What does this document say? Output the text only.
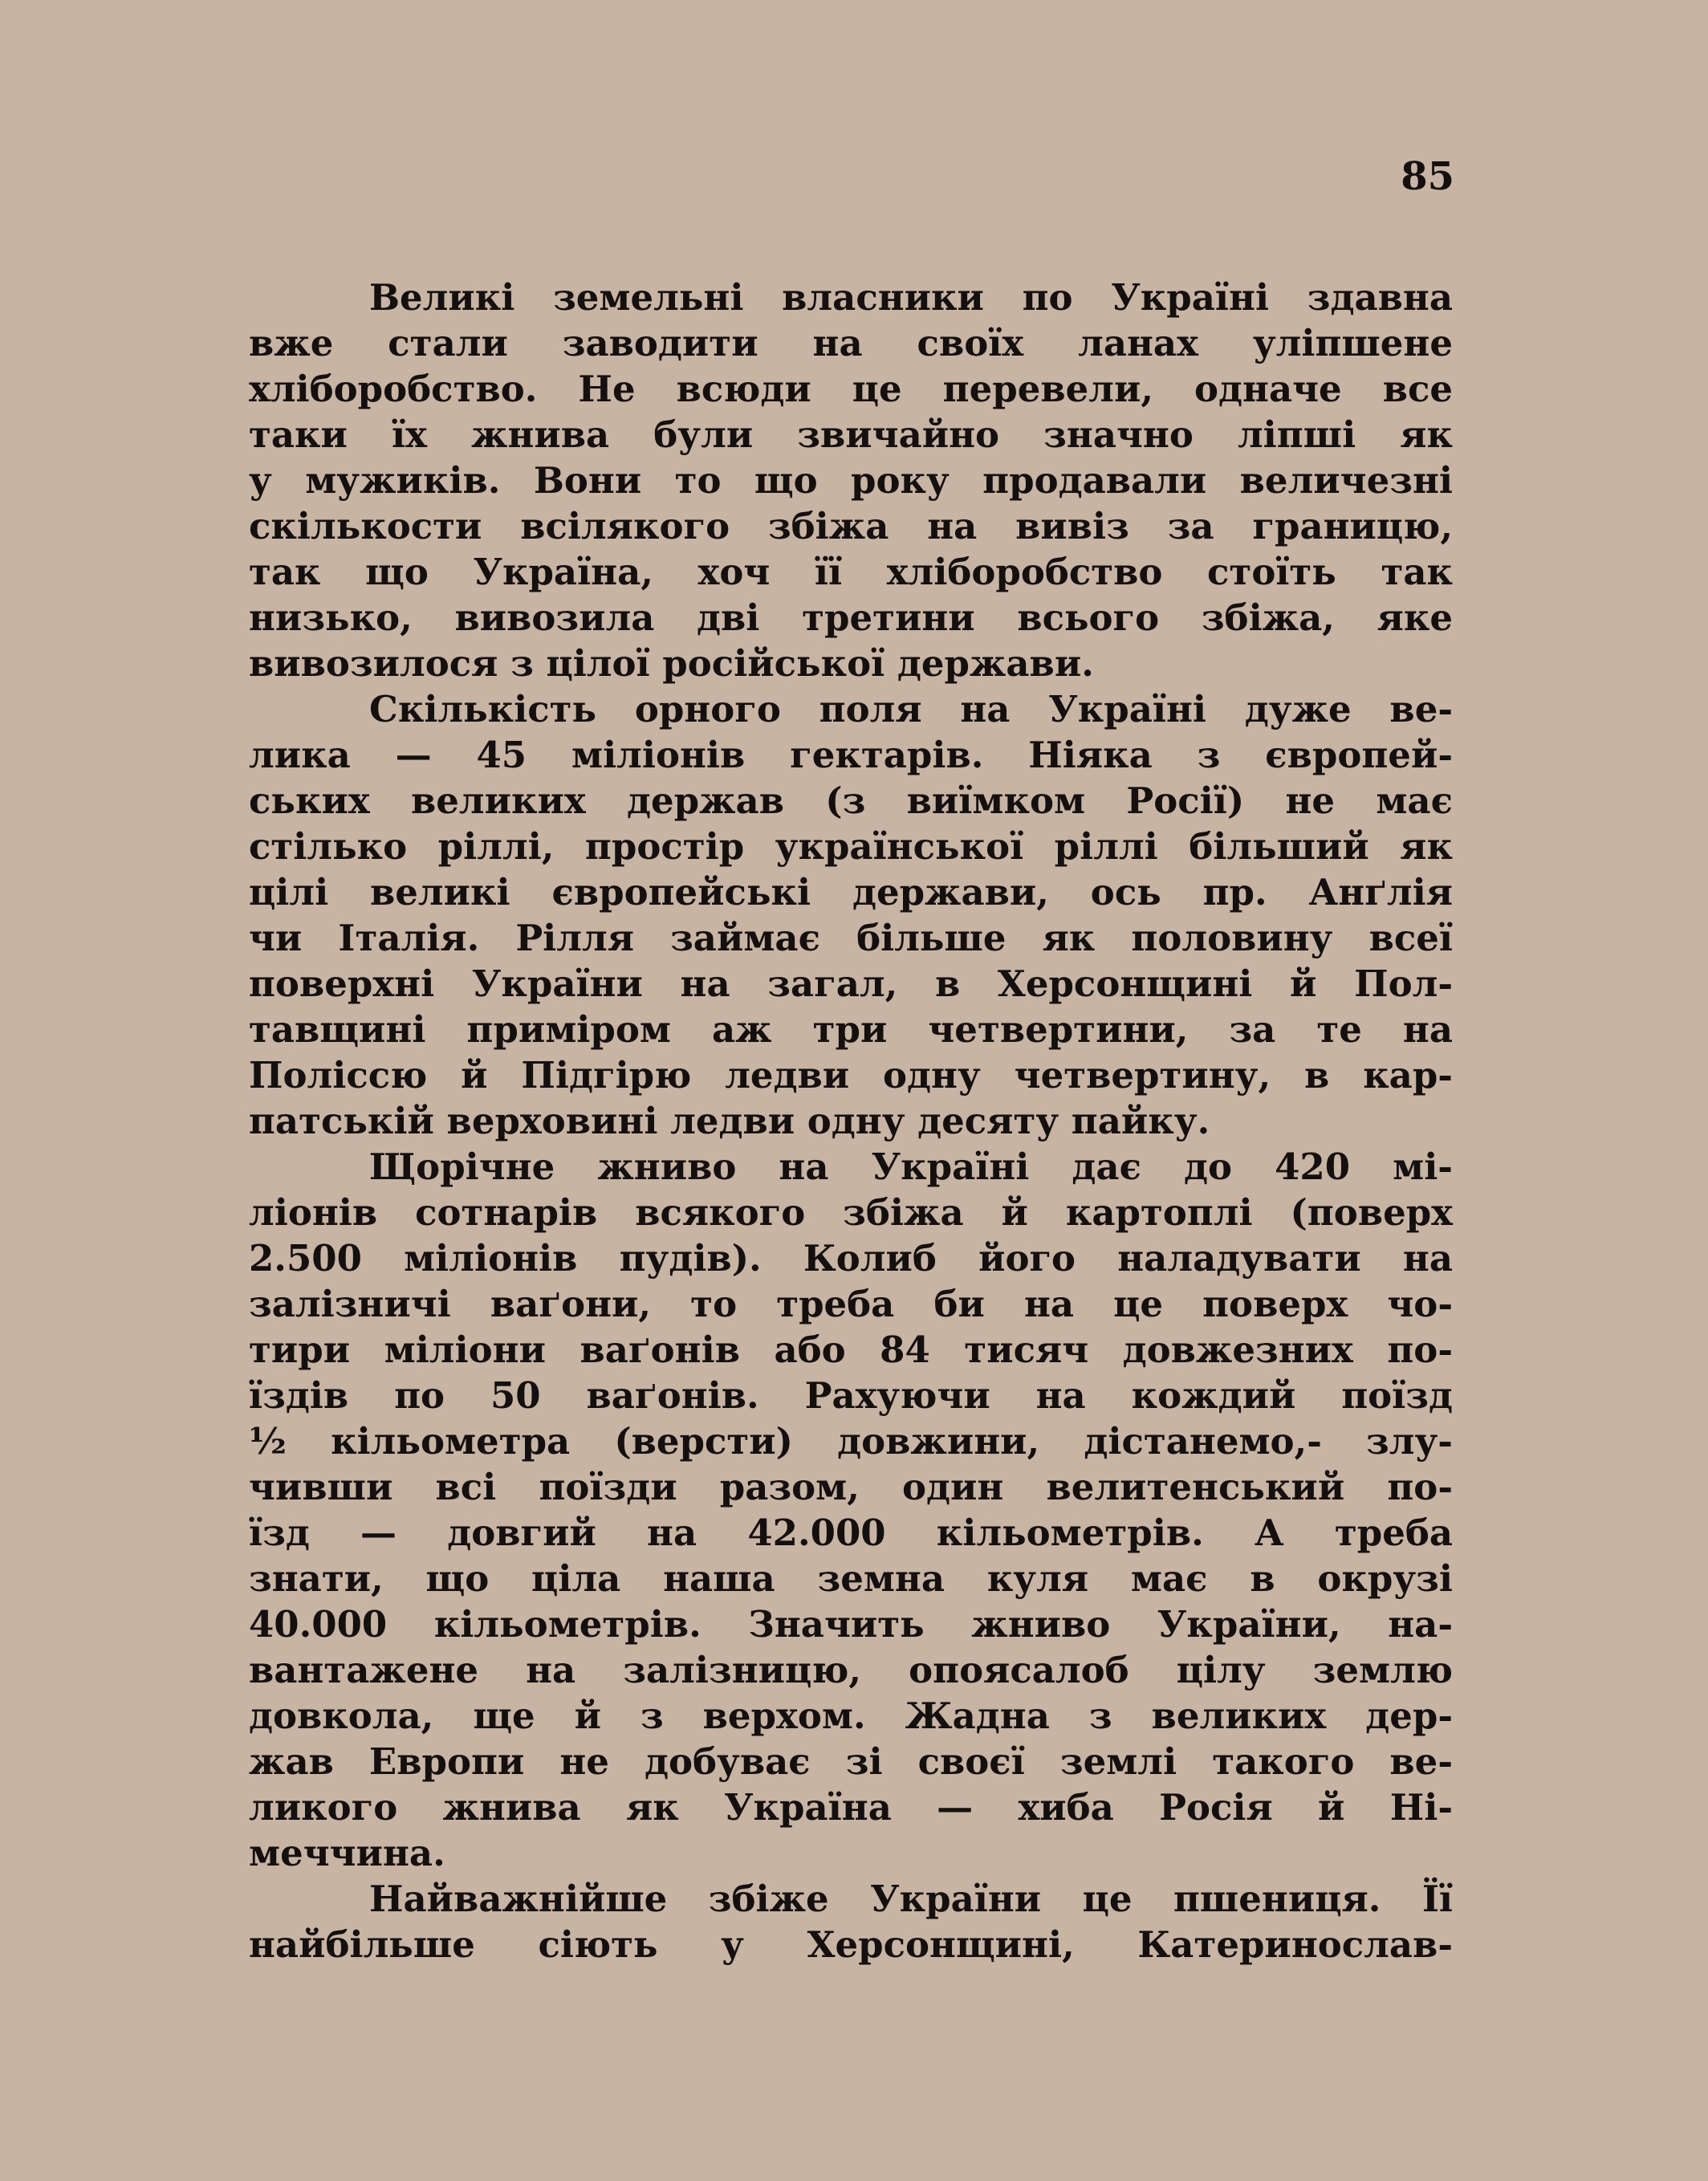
85

Великі земельні власники по Україні здавна
вже стали заводити на своїх ланах уліпшене
хліборобство. Не всюди це перевели, одначе все
таки їх жнива були звичайно значно ліпші як
у мужиків. Вони то що року продавали величезні
скількости всілякого збіжа на вивіз за границю,
так що Україна, хоч її хліборобство стоїть так
низько, вивозила дві третини всього збіжа, яке
вивозилося з цілої російської держави.

Скількість орного поля на Україні дуже ве-
лика — 45 міліонів гектарів. Ніяка з європей-
ських великих держав (з виїмком Росії) не має
стілько ріллі, простір української ріллі більший як
цілі великі європейські держави, ось пр. Анґлія
чи Італія. Рілля займає більше як половину всеї
поверхні України на загал, в Херсонщині й Пол-
тавщині приміром аж три четвертини, за те на
Поліссю й Підгірю ледви одну четвертину, в кар-
патській верховині ледви одну десяту пайку.

Щорічне жниво на Україні дає до 420 мі-
ліонів сотнарів всякого збіжа й картоплі (поверх
2.500 міліонів пудів). Колиб його наладувати на
залізничі ваґони, то треба би на це поверх чо-
тири міліони ваґонів або 84 тисяч довжезних по-
їздів по 50 ваґонів. Рахуючи на кождий поїзд
½ кільометра (версти) довжини, дістанемо,- злу-
чивши всі поїзди разом, один велитенський по-
їзд — довгий на 42.000 кільометрів. А треба
знати, що ціла наша земна куля має в окрузі
40.000 кільометрів. Значить жниво України, на-
вантажене на залізницю, опоясалоб цілу землю
довкола, ще й з верхом. Жадна з великих дер-
жав Европи не добуває зі своєї землі такого ве-
ликого жнива як Україна — хиба Росія й Ні-
меччина.

Найважнійше збіже України це пшениця. Її
найбільше сіють у Херсонщині, Катеринослав-
